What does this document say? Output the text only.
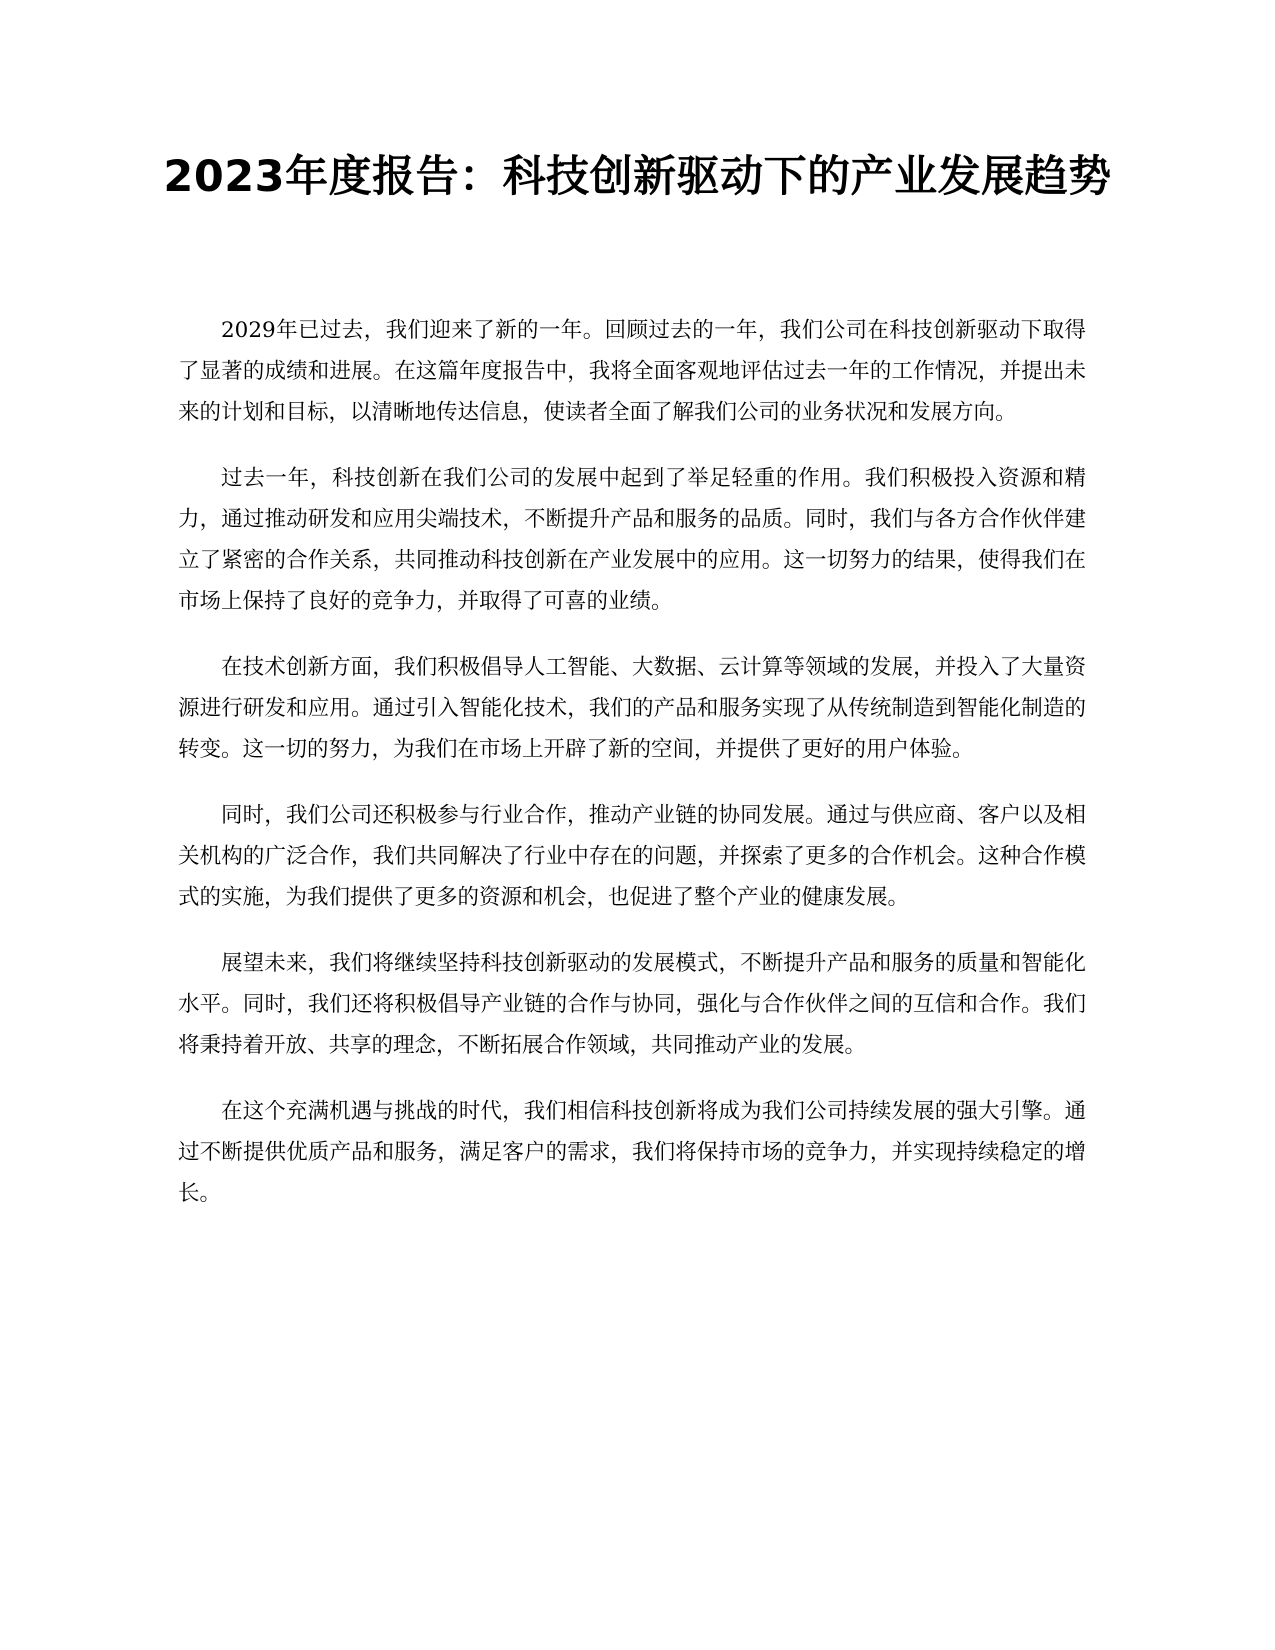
2023年度报告：科技创新驱动下的产业发展趋势

2029年已过去，我们迎来了新的一年。回顾过去的一年，我们公司在科技创新驱动下取得了显著的成绩和进展。在这篇年度报告中，我将全面客观地评估过去一年的工作情况，并提出未来的计划和目标，以清晰地传达信息，使读者全面了解我们公司的业务状况和发展方向。

过去一年，科技创新在我们公司的发展中起到了举足轻重的作用。我们积极投入资源和精力，通过推动研发和应用尖端技术，不断提升产品和服务的品质。同时，我们与各方合作伙伴建立了紧密的合作关系，共同推动科技创新在产业发展中的应用。这一切努力的结果，使得我们在市场上保持了良好的竞争力，并取得了可喜的业绩。

在技术创新方面，我们积极倡导人工智能、大数据、云计算等领域的发展，并投入了大量资源进行研发和应用。通过引入智能化技术，我们的产品和服务实现了从传统制造到智能化制造的转变。这一切的努力，为我们在市场上开辟了新的空间，并提供了更好的用户体验。

同时，我们公司还积极参与行业合作，推动产业链的协同发展。通过与供应商、客户以及相关机构的广泛合作，我们共同解决了行业中存在的问题，并探索了更多的合作机会。这种合作模式的实施，为我们提供了更多的资源和机会，也促进了整个产业的健康发展。

展望未来，我们将继续坚持科技创新驱动的发展模式，不断提升产品和服务的质量和智能化水平。同时，我们还将积极倡导产业链的合作与协同，强化与合作伙伴之间的互信和合作。我们将秉持着开放、共享的理念，不断拓展合作领域，共同推动产业的发展。

在这个充满机遇与挑战的时代，我们相信科技创新将成为我们公司持续发展的强大引擎。通过不断提供优质产品和服务，满足客户的需求，我们将保持市场的竞争力，并实现持续稳定的增长。
